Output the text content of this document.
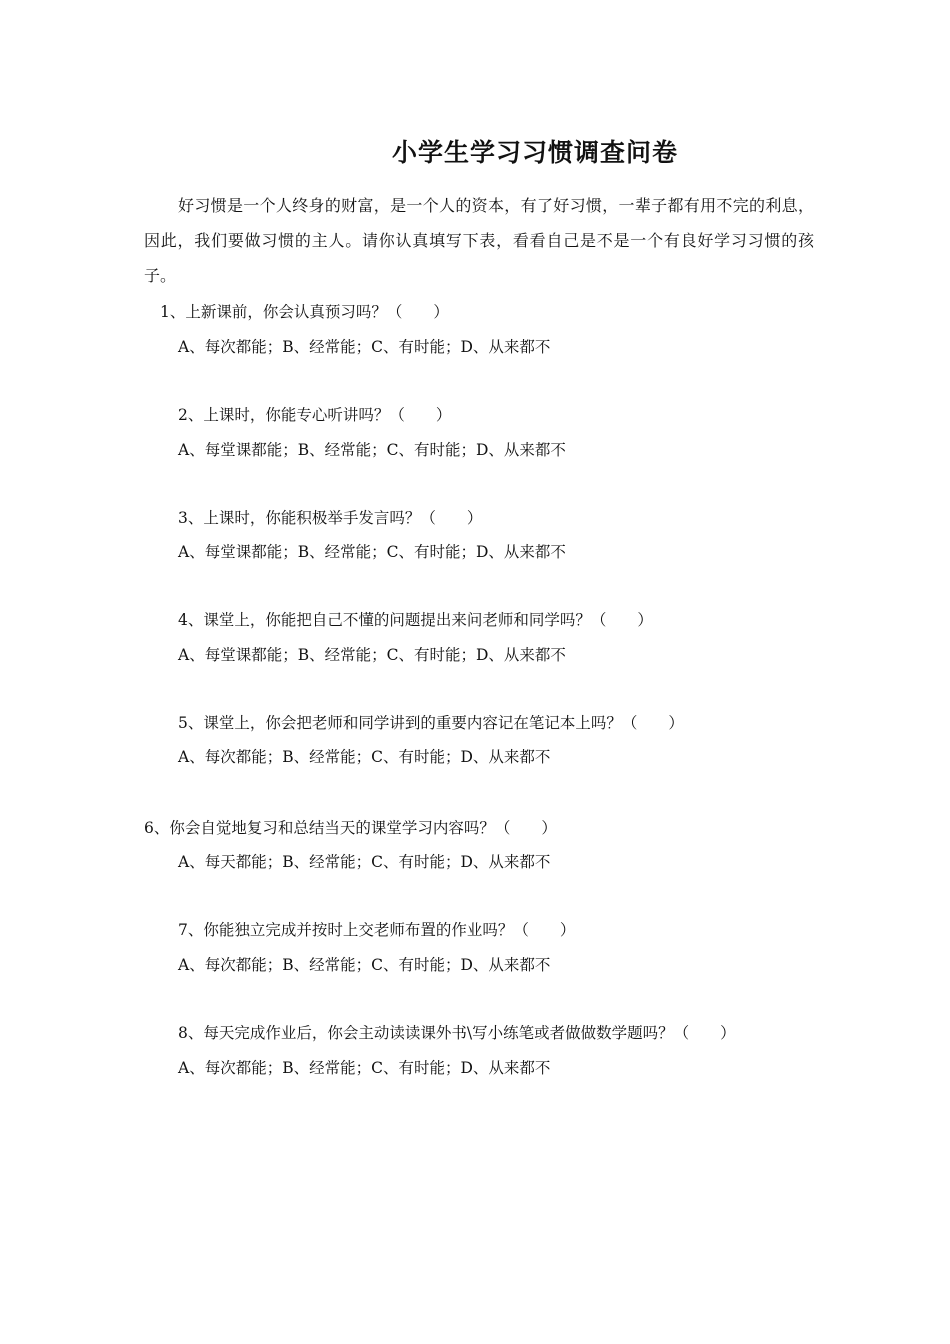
小学生学习习惯调查问卷
好习惯是一个人终身的财富，是一个人的资本，有了好习惯，一辈子都有用不完的利息，因此，我们要做习惯的主人。请你认真填写下表，看看自己是不是一个有良好学习习惯的孩子。
1、上新课前，你会认真预习吗？（　　）
A、每次都能；B、经常能；C、有时能；D、从来都不
2、上课时，你能专心听讲吗？（　　）
A、每堂课都能；B、经常能；C、有时能；D、从来都不
3、上课时，你能积极举手发言吗？（　　）
A、每堂课都能；B、经常能；C、有时能；D、从来都不
4、课堂上，你能把自己不懂的问题提出来问老师和同学吗？（　　）
A、每堂课都能；B、经常能；C、有时能；D、从来都不
5、课堂上，你会把老师和同学讲到的重要内容记在笔记本上吗？（　　）
A、每次都能；B、经常能；C、有时能；D、从来都不
6、你会自觉地复习和总结当天的课堂学习内容吗？（　　）
A、每天都能；B、经常能；C、有时能；D、从来都不
7、你能独立完成并按时上交老师布置的作业吗？（　　）
A、每次都能；B、经常能；C、有时能；D、从来都不
8、每天完成作业后，你会主动读读课外书\写小练笔或者做做数学题吗？（　　）
A、每次都能；B、经常能；C、有时能；D、从来都不
